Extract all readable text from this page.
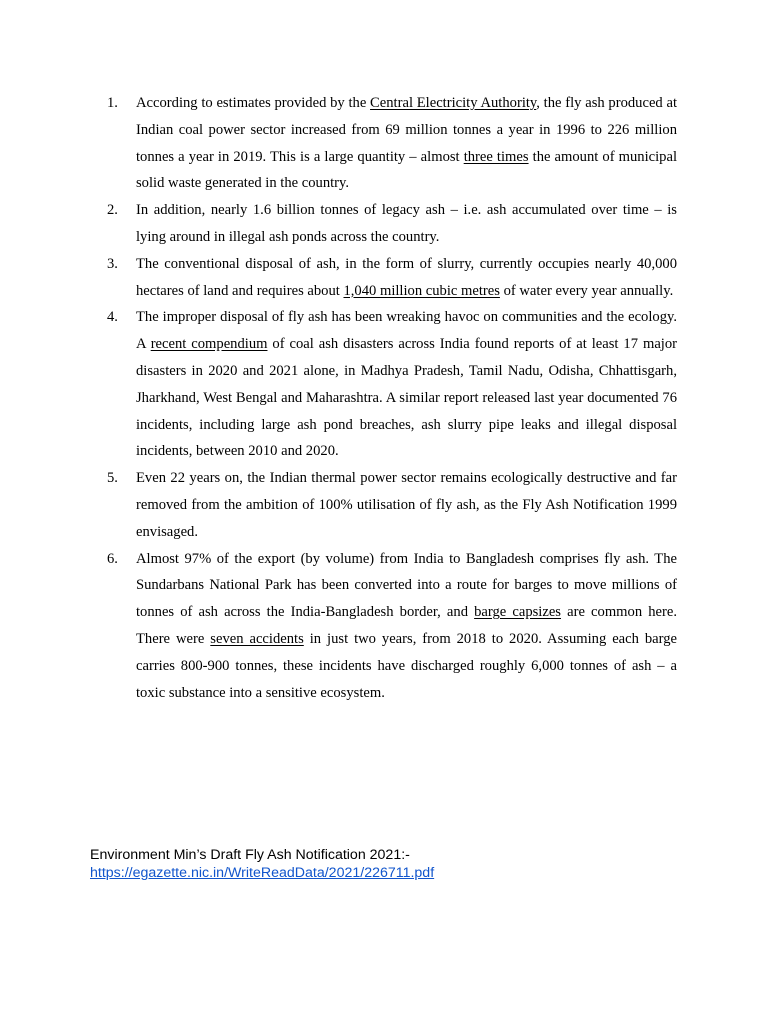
1.	According to estimates provided by the Central Electricity Authority, the fly ash produced at Indian coal power sector increased from 69 million tonnes a year in 1996 to 226 million tonnes a year in 2019. This is a large quantity – almost three times the amount of municipal solid waste generated in the country.
2.	In addition, nearly 1.6 billion tonnes of legacy ash – i.e. ash accumulated over time – is lying around in illegal ash ponds across the country.
3.	The conventional disposal of ash, in the form of slurry, currently occupies nearly 40,000 hectares of land and requires about 1,040 million cubic metres of water every year annually.
4.	The improper disposal of fly ash has been wreaking havoc on communities and the ecology. A recent compendium of coal ash disasters across India found reports of at least 17 major disasters in 2020 and 2021 alone, in Madhya Pradesh, Tamil Nadu, Odisha, Chhattisgarh, Jharkhand, West Bengal and Maharashtra. A similar report released last year documented 76 incidents, including large ash pond breaches, ash slurry pipe leaks and illegal disposal incidents, between 2010 and 2020.
5.	Even 22 years on, the Indian thermal power sector remains ecologically destructive and far removed from the ambition of 100% utilisation of fly ash, as the Fly Ash Notification 1999 envisaged.
6.	Almost 97% of the export (by volume) from India to Bangladesh comprises fly ash. The Sundarbans National Park has been converted into a route for barges to move millions of tonnes of ash across the India-Bangladesh border, and barge capsizes are common here. There were seven accidents in just two years, from 2018 to 2020. Assuming each barge carries 800-900 tonnes, these incidents have discharged roughly 6,000 tonnes of ash – a toxic substance into a sensitive ecosystem.
Environment Min’s Draft Fly Ash Notification 2021:-
https://egazette.nic.in/WriteReadData/2021/226711.pdf
